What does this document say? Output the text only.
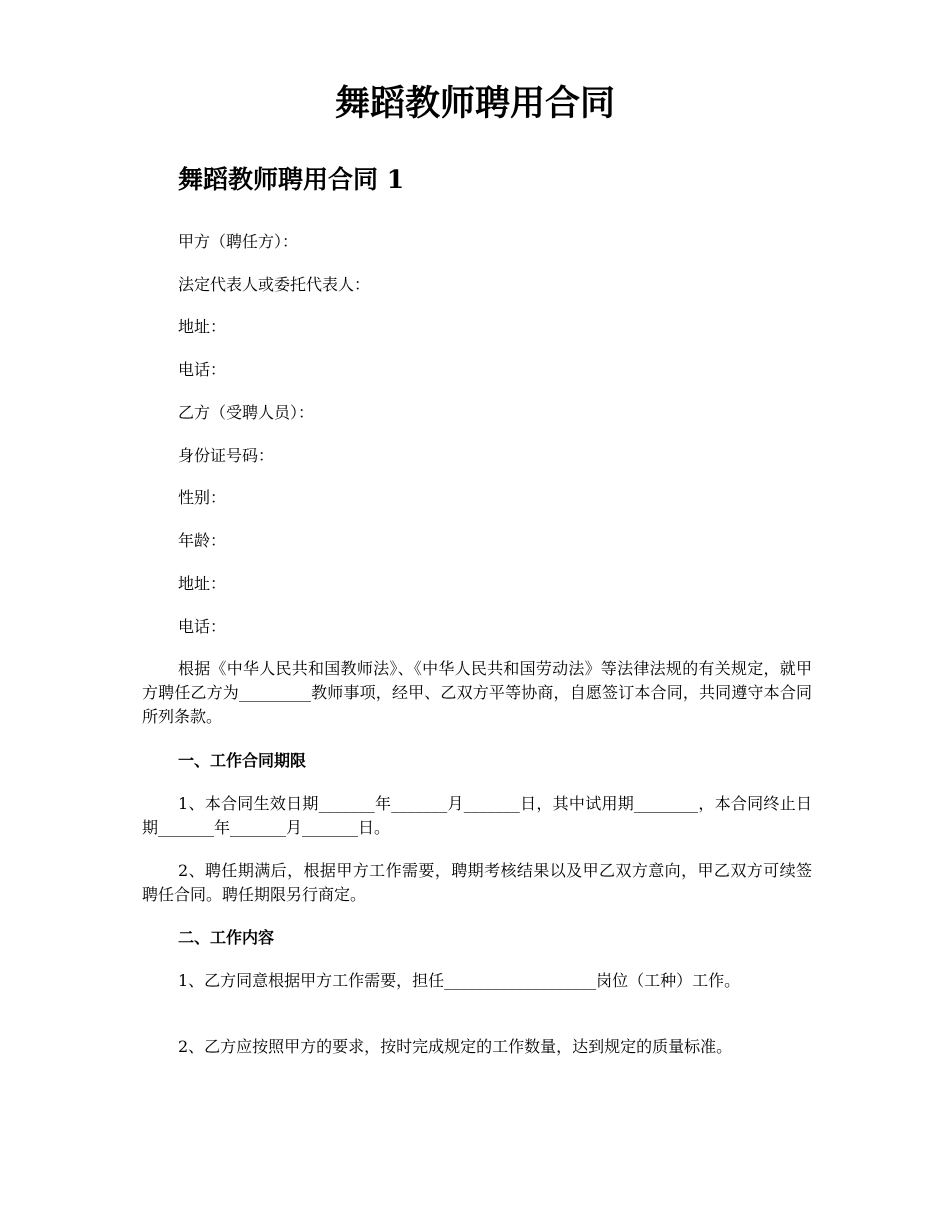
舞蹈教师聘用合同
舞蹈教师聘用合同 1

甲方（聘任方）：

法定代表人或委托代表人：

地址：

电话：

乙方（受聘人员）：

身份证号码：

性别：

年龄：

地址：

电话：

根据《中华人民共和国教师法》、《中华人民共和国劳动法》等法律法规的有关规定，就甲方聘任乙方为_________教师事项，经甲、乙双方平等协商，自愿签订本合同，共同遵守本合同所列条款。

一、工作合同期限

1、本合同生效日期_______年_______月_______日，其中试用期________，本合同终止日期_______年_______月_______日。

2、聘任期满后，根据甲方工作需要，聘期考核结果以及甲乙双方意向，甲乙双方可续签聘任合同。聘任期限另行商定。

二、工作内容

1、乙方同意根据甲方工作需要，担任___________________岗位（工种）工作。

2、乙方应按照甲方的要求，按时完成规定的工作数量，达到规定的质量标准。
